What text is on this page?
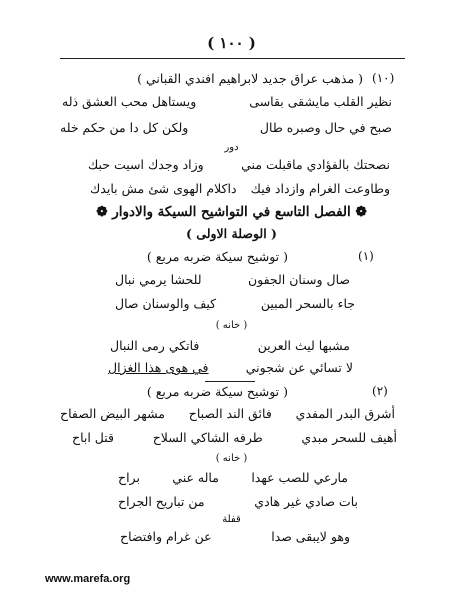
( ١٠٠ )
(١٠)
( مذهب عراق جديد لابراهيم افندي القباني )
نظير القلب مايشقى بقاسى
ويستاهل محب العشق ذله
صبح في حال وصبره طال
ولكن كل دا من حكم خله
دور
نصحتك بالفؤادي ماقبلت مني
وزاد وجدك اسيت حبك
وطاوعت الغرام وازداد فيك
داكلام الهوى شئ مش بايدك
❁ الفصل التاسع في التواشيح السيكة والادوار ❁
( الوصلة الاولى )
(١)
( توشيح سيكة ضربه مربع )
صال وسنان الجفون
للحشا يرمي نبال
جاء بالسحر المبين
كيف والوسنان صال
( خانه )
مشبها ليث العرين
فاتكي رمى النبال
لا تسائي عن شجوني
في هوى هذا الغزال
(٢)
( توشيح سيكة ضربه مربع )
أشرق البدر المفدي
فائق الند الصباح
مشهر البيض الصفاح
أهيف للسحر مبدي
طرفه الشاكي السلاح
قتل اباح
( خانه )
مارعي للصب عهدا
ماله عني
براح
بات صادي غير هادي
من تباريح الجراح
قفلة
وهو لايبقى صدا
عن غرام وافتضاح
www.marefa.org
